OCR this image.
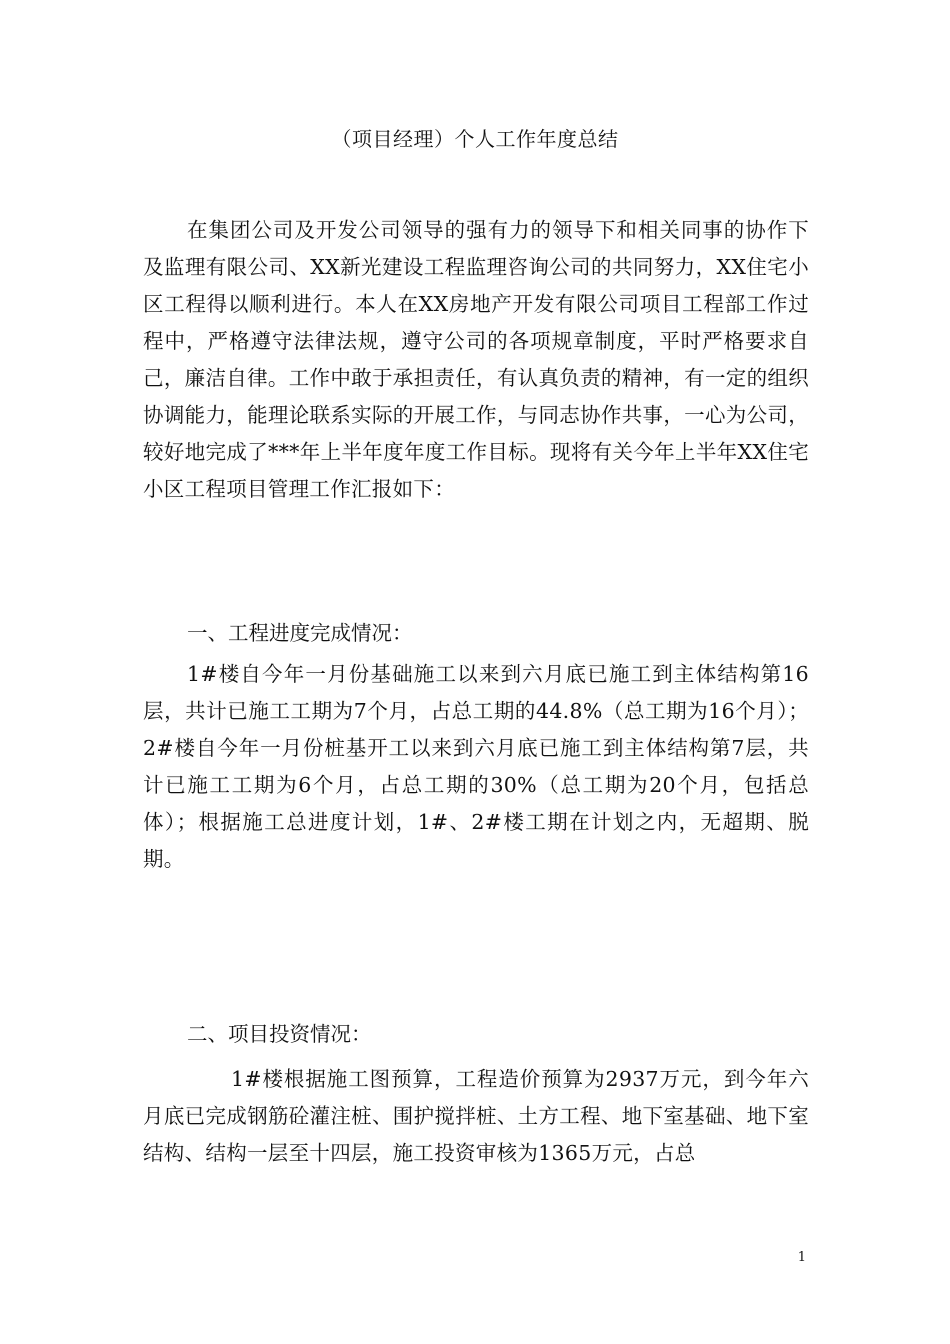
（项目经理）个人工作年度总结

在集团公司及开发公司领导的强有力的领导下和相关同事的协作下及监理有限公司、XX新光建设工程监理咨询公司的共同努力，XX住宅小区工程得以顺利进行。本人在XX房地产开发有限公司项目工程部工作过程中，严格遵守法律法规，遵守公司的各项规章制度，平时严格要求自己，廉洁自律。工作中敢于承担责任，有认真负责的精神，有一定的组织协调能力，能理论联系实际的开展工作，与同志协作共事，一心为公司，较好地完成了***年上半年度年度工作目标。现将有关今年上半年XX住宅小区工程项目管理工作汇报如下：

一、工程进度完成情况：

1#楼自今年一月份基础施工以来到六月底已施工到主体结构第16层，共计已施工工期为7个月，占总工期的44.8%（总工期为16个月）；2#楼自今年一月份桩基开工以来到六月底已施工到主体结构第7层，共计已施工工期为6个月，占总工期的30%（总工期为20个月，包括总体）；根据施工总进度计划，1#、2#楼工期在计划之内，无超期、脱期。

二、项目投资情况：

1#楼根据施工图预算，工程造价预算为2937万元，到今年六月底已完成钢筋砼灌注桩、围护搅拌桩、土方工程、地下室基础、地下室结构、结构一层至十四层，施工投资审核为1365万元，占总

1
